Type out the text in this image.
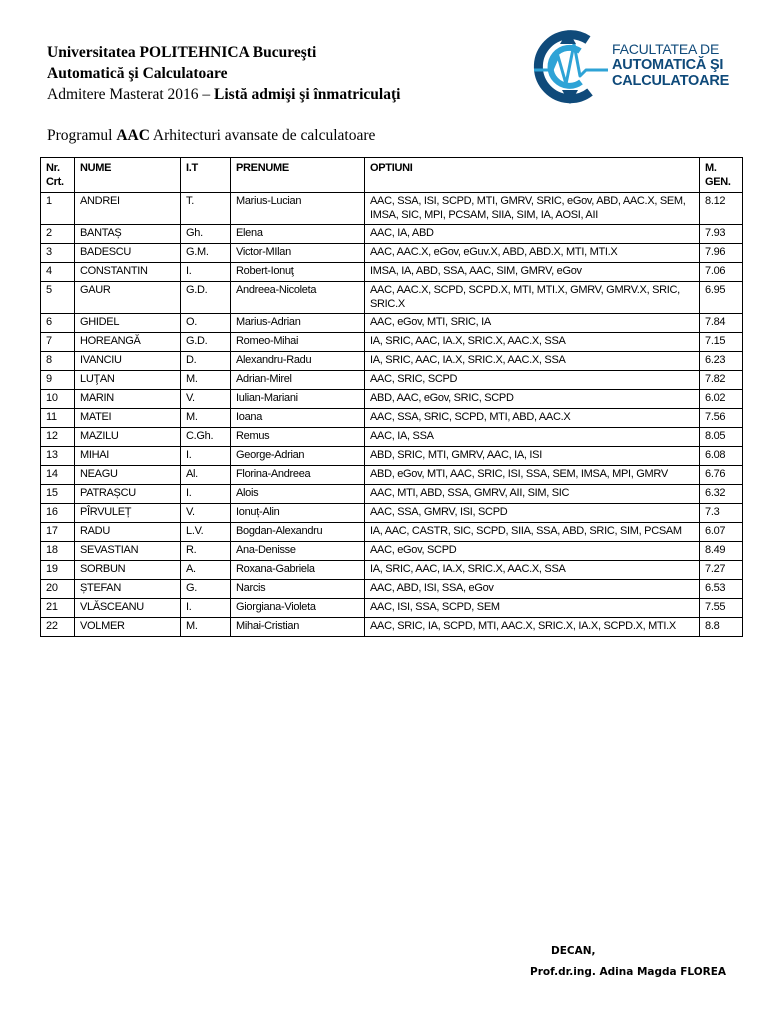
Universitatea POLITEHNICA Bucureşti
Automatică şi Calculatoare
Admitere Masterat 2016 – Listă admişi şi înmatriculaţi
FACULTATEA DE
AUTOMATICĂ ŞI
CALCULATOARE
Programul AAC Arhitecturi avansate de calculatoare
Nr. Crt.	NUME	I.T	PRENUME	OPTIUNI	M. GEN.
1	ANDREI	T.	Marius-Lucian	AAC, SSA, ISI, SCPD, MTI, GMRV, SRIC, eGov, ABD, AAC.X, SEM, IMSA, SIC, MPI, PCSAM, SIIA, SIM, IA, AOSI, AII	8.12
2	BANTAȘ	Gh.	Elena	AAC, IA, ABD	7.93
3	BADESCU	G.M.	Victor-MIlan	AAC, AAC.X, eGov, eGuv.X, ABD, ABD.X, MTI, MTI.X	7.96
4	CONSTANTIN	I.	Robert-Ionuţ	IMSA, IA, ABD, SSA, AAC, SIM, GMRV, eGov	7.06
5	GAUR	G.D.	Andreea-Nicoleta	AAC, AAC.X, SCPD, SCPD.X, MTI, MTI.X, GMRV, GMRV.X, SRIC, SRIC.X	6.95
6	GHIDEL	O.	Marius-Adrian	AAC, eGov, MTI, SRIC, IA	7.84
7	HOREANGĂ	G.D.	Romeo-Mihai	IA, SRIC, AAC, IA.X, SRIC.X, AAC.X, SSA	7.15
8	IVANCIU	D.	Alexandru-Radu	IA, SRIC, AAC, IA.X, SRIC.X, AAC.X, SSA	6.23
9	LUŢAN	M.	Adrian-Mirel	AAC, SRIC, SCPD	7.82
10	MARIN	V.	Iulian-Mariani	ABD, AAC, eGov, SRIC, SCPD	6.02
11	MATEI	M.	Ioana	AAC, SSA, SRIC, SCPD, MTI, ABD, AAC.X	7.56
12	MAZILU	C.Gh.	Remus	AAC, IA, SSA	8.05
13	MIHAI	I.	George-Adrian	ABD, SRIC, MTI, GMRV, AAC, IA, ISI	6.08
14	NEAGU	Al.	Florina-Andreea	ABD, eGov, MTI, AAC, SRIC, ISI, SSA, SEM, IMSA, MPI, GMRV	6.76
15	PATRAȘCU	I.	Alois	AAC, MTI, ABD, SSA, GMRV, AII, SIM, SIC	6.32
16	PÎRVULEȚ	V.	Ionuț-Alin	AAC, SSA, GMRV, ISI, SCPD	7.3
17	RADU	L.V.	Bogdan-Alexandru	IA, AAC, CASTR, SIC, SCPD, SIIA, SSA, ABD, SRIC, SIM, PCSAM	6.07
18	SEVASTIAN	R.	Ana-Denisse	AAC, eGov, SCPD	8.49
19	SORBUN	A.	Roxana-Gabriela	IA, SRIC, AAC, IA.X, SRIC.X, AAC.X, SSA	7.27
20	ȘTEFAN	G.	Narcis	AAC, ABD, ISI, SSA, eGov	6.53
21	VLĂSCEANU	I.	Giorgiana-Violeta	AAC, ISI, SSA, SCPD, SEM	7.55
22	VOLMER	M.	Mihai-Cristian	AAC, SRIC, IA, SCPD, MTI, AAC.X, SRIC.X, IA.X, SCPD.X, MTI.X	8.8
DECAN,
Prof.dr.ing. Adina Magda FLOREA
